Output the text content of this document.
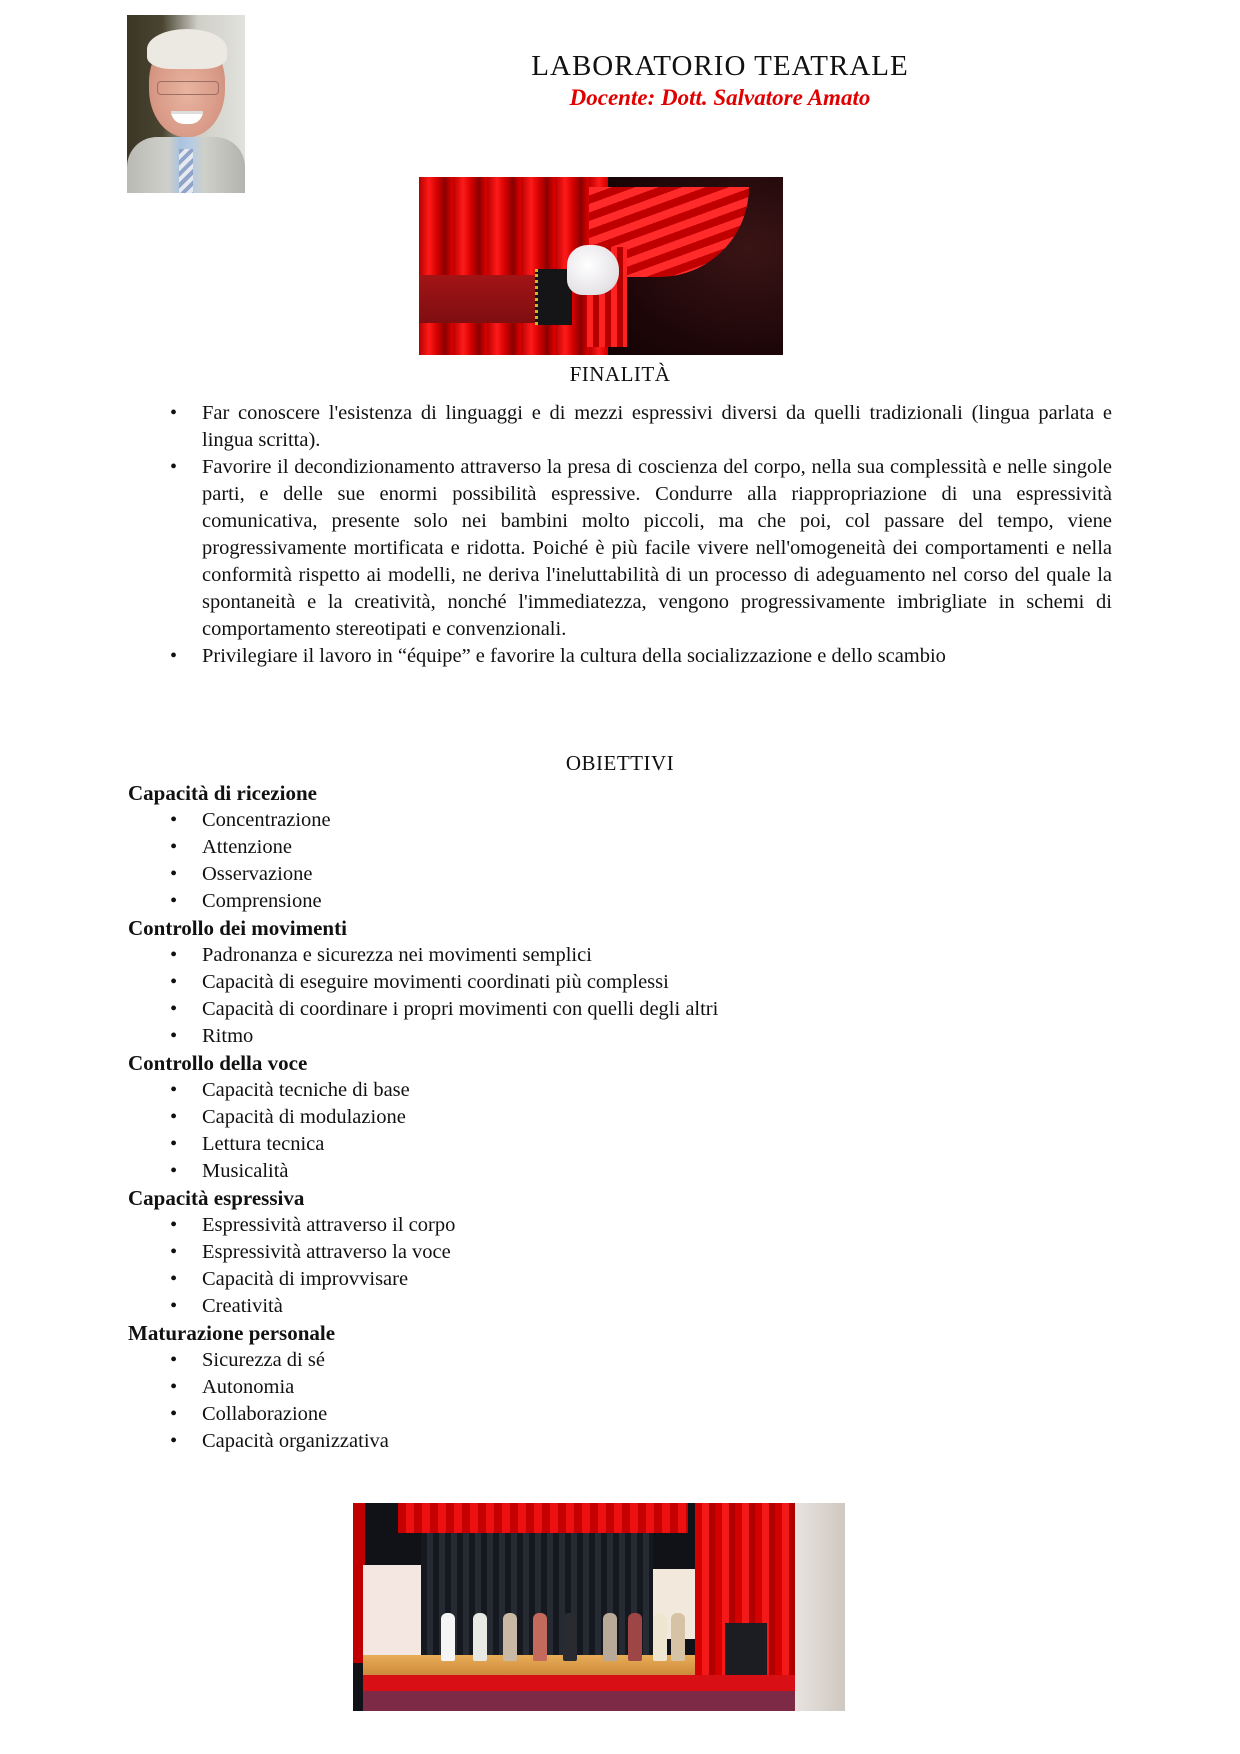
LABORATORIO TEATRALE
Docente: Dott. Salvatore Amato
FINALITÀ
• Far conoscere l'esistenza di linguaggi e di mezzi espressivi diversi da quelli tradizionali (lingua parlata e lingua scritta).
• Favorire il decondizionamento attraverso la presa di coscienza del corpo, nella sua complessità e nelle singole parti, e delle sue enormi possibilità espressive. Condurre alla riappropriazione di una espressività comunicativa, presente solo nei bambini molto piccoli, ma che poi, col passare del tempo, viene progressivamente mortificata e ridotta. Poiché è più facile vivere nell'omogeneità dei comportamenti e nella conformità rispetto ai modelli, ne deriva l'ineluttabilità di un processo di adeguamento nel corso del quale la spontaneità e la creatività, nonché l'immediatezza, vengono progressivamente imbrigliate in schemi di comportamento stereotipati e convenzionali.
• Privilegiare il lavoro in “équipe” e favorire la cultura della socializzazione e dello scambio
OBIETTIVI

Capacità di ricezione

• Concentrazione
• Attenzione
• Osservazione
• Comprensione

Controllo dei movimenti

• Padronanza e sicurezza nei movimenti semplici
• Capacità di eseguire movimenti coordinati più complessi
• Capacità di coordinare i propri movimenti con quelli degli altri
• Ritmo

Controllo della voce

• Capacità tecniche di base
• Capacità di modulazione
• Lettura tecnica
• Musicalità

Capacità espressiva

• Espressività attraverso il corpo
• Espressività attraverso la voce
• Capacità di improvvisare
• Creatività

Maturazione personale

• Sicurezza di sé
• Autonomia
• Collaborazione
• Capacità organizzativa
